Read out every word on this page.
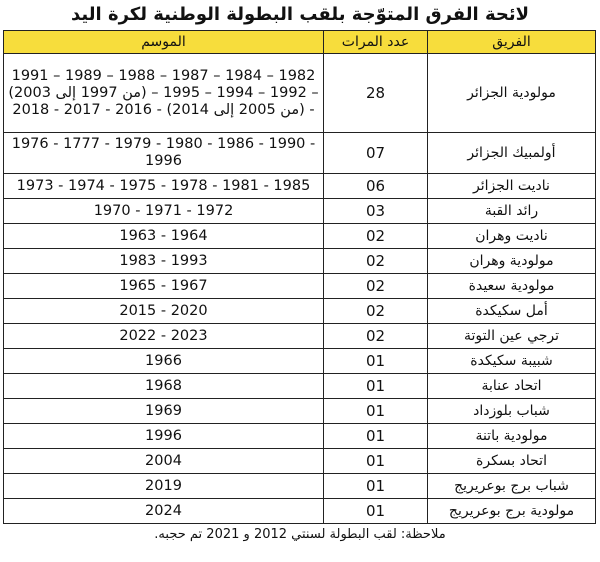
لائحة الفرق المتوّجة بلقب البطولة الوطنية لكرة اليد
الفريق	عدد المرات	الموسم
مولودية الجزائر	28	1982 – 1984 – 1987 – 1988 – 1989 – 1991 – 1992 – 1994 – 1995 – (من 1997 إلى 2003) - (من 2005 إلى 2014) - 2016 - 2017 - 2018
أولمبيك الجزائر	07	1976 - 1777 - 1979 - 1980 - 1986 - 1990 - 1996
ناديت الجزائر	06	1973 - 1974 - 1975 - 1978 - 1981 - 1985
رائد القبة	03	1970 - 1971 - 1972
ناديت وهران	02	1963 - 1964
مولودية وهران	02	1983 - 1993
مولودية سعيدة	02	1965 - 1967
أمل سكيكدة	02	2015 - 2020
ترجي عين التوتة	02	2022 - 2023
شبيبة سكيكدة	01	1966
اتحاد عنابة	01	1968
شباب بلوزداد	01	1969
مولودية باتنة	01	1996
اتحاد بسكرة	01	2004
شباب برج بوعريريج	01	2019
مولودية برج بوعريريج	01	2024
ملاحظة: لقب البطولة لسنتي 2012 و 2021 تم حجبه.
